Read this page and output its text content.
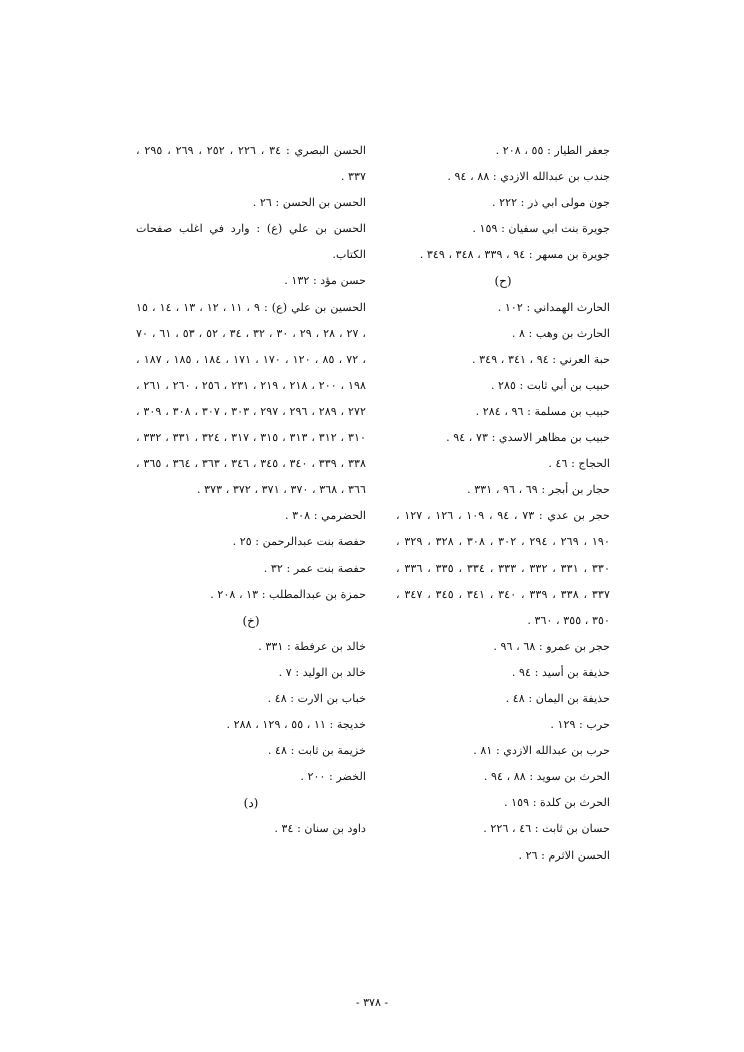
جعفر الطيار : ٥٥ ، ٢٠٨ .

جندب بن عبدالله الازدي : ٨٨ ، ٩٤ .

جون مولى ابي ذر : ٢٢٢ .

جويرة بنت ابي سفيان : ١٥٩ .

جويرة بن مسهر : ٩٤ ، ٣٣٩ ، ٣٤٨ ، ٣٤٩ .

(ح)

الحارث الهمداني : ١٠٢ .

الحارث بن وهب : ٨ .

حبة العرني : ٩٤ ، ٣٤١ ، ٣٤٩ .

حبيب بن أبي ثابت : ٢٨٥ .

حبيب بن مسلمة : ٩٦ ، ٢٨٤ .

حبيب بن مظاهر الاسدي : ٧٣ ، ٩٤ .

الحجاج : ٤٦ .

حجار بن أبجر : ٦٩ ، ٩٦ ، ٣٣١ .

حجر بن عدي : ٧٣ ، ٩٤ ، ١٠٩ ، ١٢٦ ، ١٢٧ ، ١٩٠ ، ٢٦٩ ، ٢٩٤ ، ٣٠٢ ، ٣٠٨ ، ٣٢٨ ، ٣٢٩ ، ٣٣٠ ، ٣٣١ ، ٣٣٢ ، ٣٣٣ ، ٣٣٤ ، ٣٣٥ ، ٣٣٦ ، ٣٣٧ ، ٣٣٨ ، ٣٣٩ ، ٣٤٠ ، ٣٤١ ، ٣٤٥ ، ٣٤٧ ، ٣٥٠ ، ٣٥٥ ، ٣٦٠ .

حجر بن عمرو : ٦٨ ، ٩٦ .

حذيفة بن أسيد : ٩٤ .

حذيفة بن اليمان : ٤٨ .

حرب : ١٢٩ .

حرب بن عبدالله الازدي : ٨١ .

الحرث بن سويد : ٨٨ ، ٩٤ .

الحرث بن كلدة : ١٥٩ .

حسان بن ثابت : ٤٦ ، ٢٢٦ .

الحسن الاثرم : ٢٦ .

الحسن البصري : ٣٤ ، ٢٢٦ ، ٢٥٢ ، ٢٦٩ ، ٢٩٥ ، ٣٣٧ .

الحسن بن الحسن : ٢٦ .

الحسن بن علي (ع) : وارد في اغلب صفحات الكتاب.

حسن مؤد : ١٣٢ .

الحسين بن علي (ع) : ٩ ، ١١ ، ١٢ ، ١٣ ، ١٤ ، ١٥ ، ٢٧ ، ٢٨ ، ٢٩ ، ٣٠ ، ٣٢ ، ٣٤ ، ٥٢ ، ٥٣ ، ٦١ ، ٧٠ ، ٧٢ ، ٨٥ ، ١٢٠ ، ١٧٠ ، ١٧١ ، ١٨٤ ، ١٨٥ ، ١٨٧ ، ١٩٨ ، ٢٠٠ ، ٢١٨ ، ٢١٩ ، ٢٣١ ، ٢٥٦ ، ٢٦٠ ، ٢٦١ ، ٢٧٢ ، ٢٨٩ ، ٢٩٦ ، ٢٩٧ ، ٣٠٣ ، ٣٠٧ ، ٣٠٨ ، ٣٠٩ ، ٣١٠ ، ٣١٢ ، ٣١٣ ، ٣١٥ ، ٣١٧ ، ٣٢٤ ، ٣٣١ ، ٣٣٢ ، ٣٣٨ ، ٣٣٩ ، ٣٤٠ ، ٣٤٥ ، ٣٤٦ ، ٣٦٣ ، ٣٦٤ ، ٣٦٥ ، ٣٦٦ ، ٣٦٨ ، ٣٧٠ ، ٣٧١ ، ٣٧٢ ، ٣٧٣ .

الحضرمي : ٣٠٨ .

حفصة بنت عبدالرحمن : ٢٥ .

حفصة بنت عمر : ٣٢ .

حمزة بن عبدالمطلب : ١٣ ، ٢٠٨ .

(خ)

خالد بن عرفطة : ٣٣١ .

خالد بن الوليد : ٧ .

خباب بن الارت : ٤٨ .

خديجة : ١١ ، ٥٥ ، ١٢٩ ، ٢٨٨ .

خزيمة بن ثابت : ٤٨ .

الخضر : ٢٠٠ .

(د)

داود بن سنان : ٣٤ .

- ٣٧٨ -
